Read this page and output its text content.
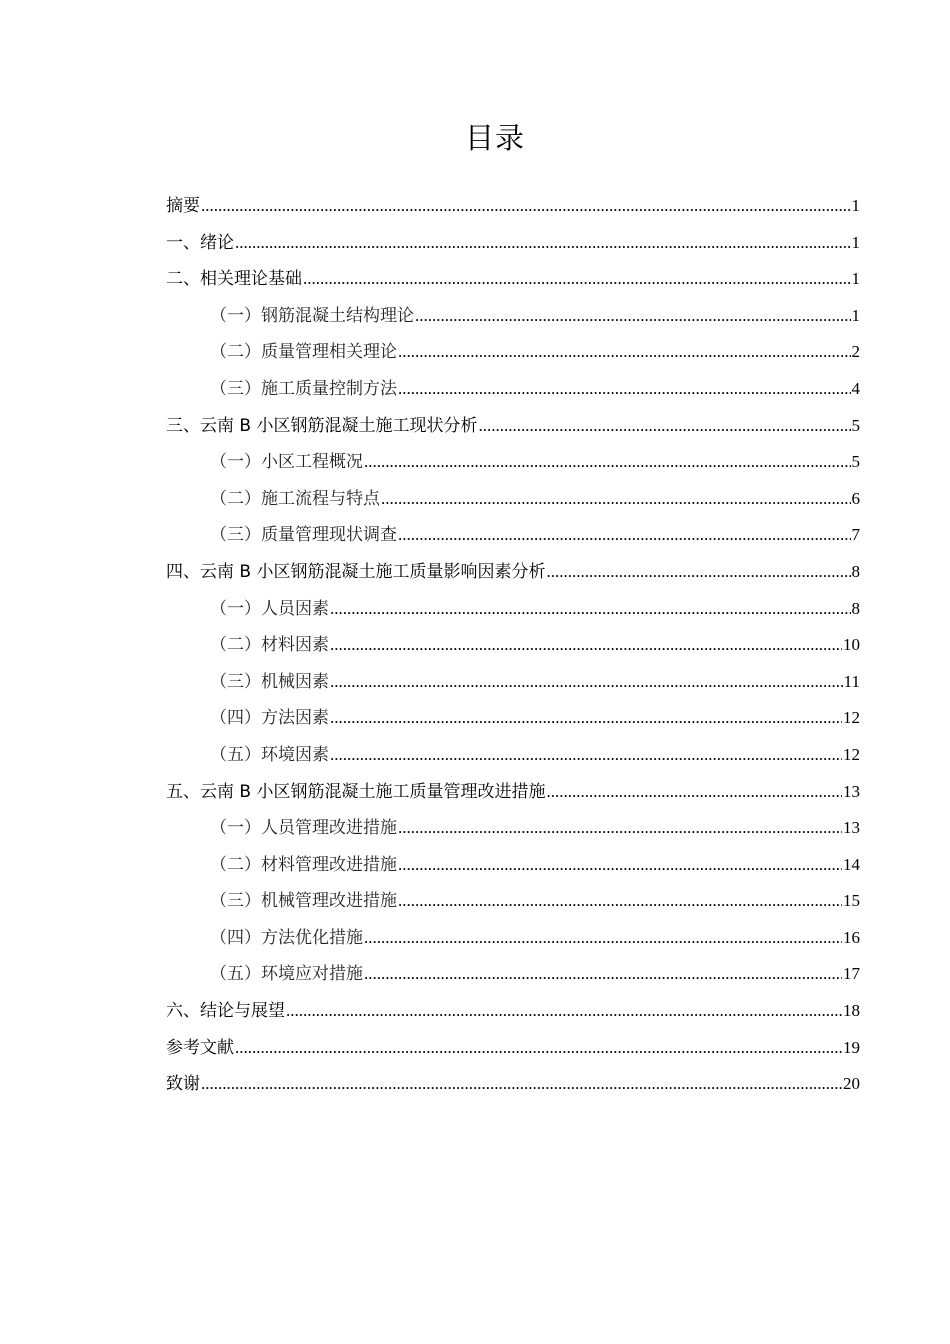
目录
摘要 .....	1
一、绪论 .....	1
二、相关理论基础 .....	1
（一）钢筋混凝土结构理论 .....	1
（二）质量管理相关理论 .....	2
（三）施工质量控制方法 .....	4
三、云南 B 小区钢筋混凝土施工现状分析 .....	5
（一）小区工程概况 .....	5
（二）施工流程与特点 .....	6
（三）质量管理现状调查 .....	7
四、云南 B 小区钢筋混凝土施工质量影响因素分析 .....	8
（一）人员因素 .....	8
（二）材料因素 .....	10
（三）机械因素 .....	11
（四）方法因素 .....	12
（五）环境因素 .....	12
五、云南 B 小区钢筋混凝土施工质量管理改进措施 .....	13
（一）人员管理改进措施 .....	13
（二）材料管理改进措施 .....	14
（三）机械管理改进措施 .....	15
（四）方法优化措施 .....	16
（五）环境应对措施 .....	17
六、结论与展望 .....	18
参考文献 .....	19
致谢 .....	20
